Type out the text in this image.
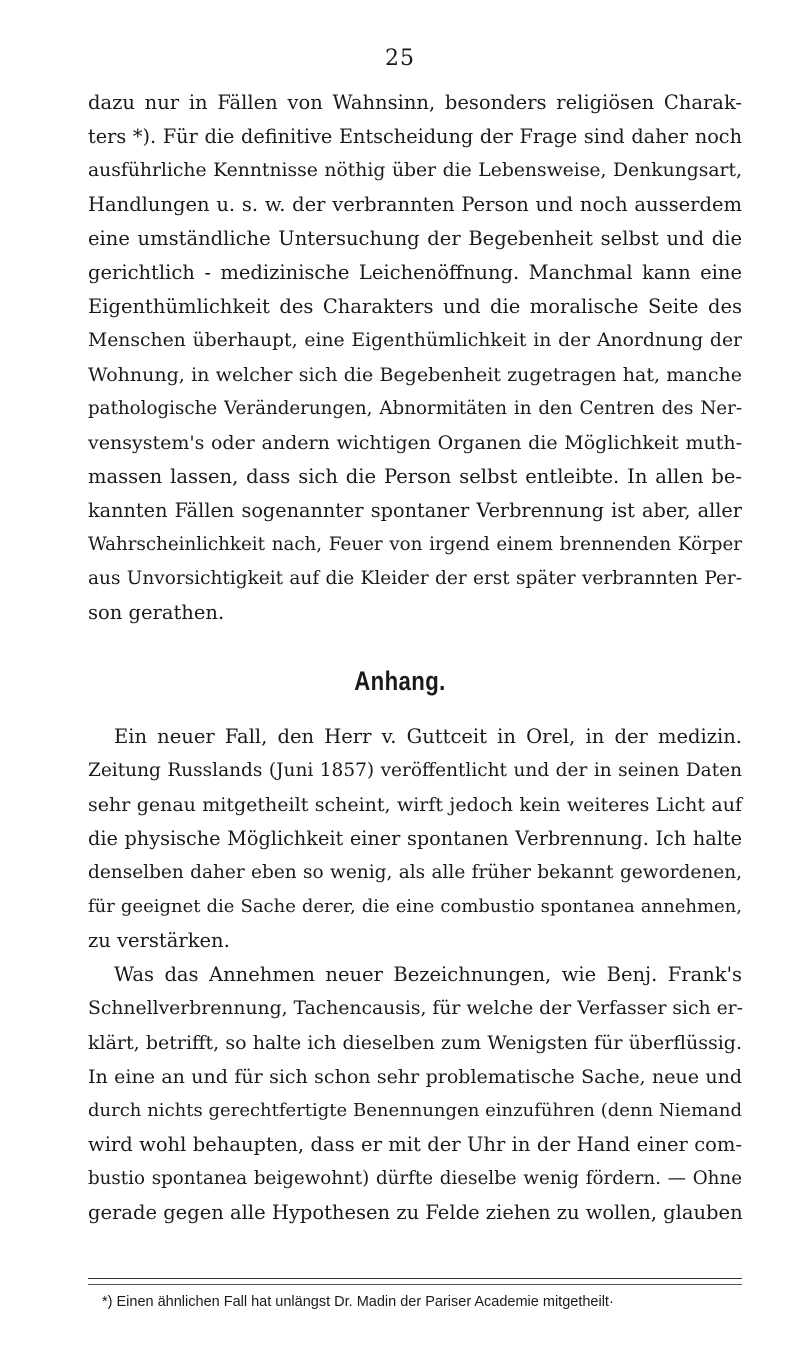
25
dazu nur in Fällen von Wahnsinn, besonders religiösen Charak-
ters *). Für die definitive Entscheidung der Frage sind daher noch
ausführliche Kenntnisse nöthig über die Lebensweise, Denkungsart,
Handlungen u. s. w. der verbrannten Person und noch ausserdem
eine umständliche Untersuchung der Begebenheit selbst und die
gerichtlich - medizinische Leichenöffnung. Manchmal kann eine
Eigenthümlichkeit des Charakters und die moralische Seite des
Menschen überhaupt, eine Eigenthümlichkeit in der Anordnung der
Wohnung, in welcher sich die Begebenheit zugetragen hat, manche
pathologische Veränderungen, Abnormitäten in den Centren des Ner-
vensystem's oder andern wichtigen Organen die Möglichkeit muth-
massen lassen, dass sich die Person selbst entleibte. In allen be-
kannten Fällen sogenannter spontaner Verbrennung ist aber, aller
Wahrscheinlichkeit nach, Feuer von irgend einem brennenden Körper
aus Unvorsichtigkeit auf die Kleider der erst später verbrannten Per-
son gerathen.
Anhang.
Ein neuer Fall, den Herr v. Guttceit in Orel, in der medizin.
Zeitung Russlands (Juni 1857) veröffentlicht und der in seinen Daten
sehr genau mitgetheilt scheint, wirft jedoch kein weiteres Licht auf
die physische Möglichkeit einer spontanen Verbrennung. Ich halte
denselben daher eben so wenig, als alle früher bekannt gewordenen,
für geeignet die Sache derer, die eine combustio spontanea annehmen,
zu verstärken.
Was das Annehmen neuer Bezeichnungen, wie Benj. Frank's
Schnellverbrennung, Tachencausis, für welche der Verfasser sich er-
klärt, betrifft, so halte ich dieselben zum Wenigsten für überflüssig.
In eine an und für sich schon sehr problematische Sache, neue und
durch nichts gerechtfertigte Benennungen einzuführen (denn Niemand
wird wohl behaupten, dass er mit der Uhr in der Hand einer com-
bustio spontanea beigewohnt) dürfte dieselbe wenig fördern. — Ohne
gerade gegen alle Hypothesen zu Felde ziehen zu wollen, glauben
*) Einen ähnlichen Fall hat unlängst Dr. Madin der Pariser Academie mitgetheilt·
